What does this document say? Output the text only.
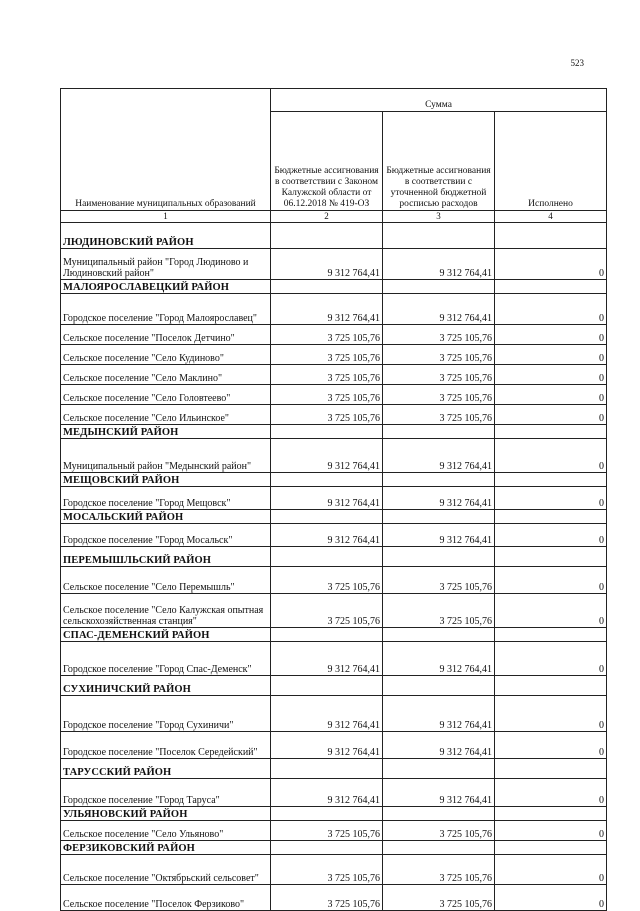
523
Наименование муниципальных образований	Сумма		
	Бюджетные ассигнования в соответствии с Законом Калужской области от 06.12.2018 № 419-ОЗ	Бюджетные ассигнования в соответствии с уточненной бюджетной росписью расходов	Исполнено
1	2	3	4
ЛЮДИНОВСКИЙ РАЙОН			
Муниципальный район "Город Людиново и Людиновский район"	9 312 764,41	9 312 764,41	0
МАЛОЯРОСЛАВЕЦКИЙ РАЙОН			
Городское поселение "Город Малоярославец"	9 312 764,41	9 312 764,41	0
Сельское поселение "Поселок Детчино"	3 725 105,76	3 725 105,76	0
Сельское поселение "Село Кудиново"	3 725 105,76	3 725 105,76	0
Сельское поселение "Село Маклино"	3 725 105,76	3 725 105,76	0
Сельское поселение "Село Головтеево"	3 725 105,76	3 725 105,76	0
Сельское поселение "Село Ильинское"	3 725 105,76	3 725 105,76	0
МЕДЫНСКИЙ РАЙОН			
Муниципальный район "Медынский район"	9 312 764,41	9 312 764,41	0
МЕЩОВСКИЙ РАЙОН			
Городское поселение "Город Мещовск"	9 312 764,41	9 312 764,41	0
МОСАЛЬСКИЙ РАЙОН			
Городское поселение "Город Мосальск"	9 312 764,41	9 312 764,41	0
ПЕРЕМЫШЛЬСКИЙ РАЙОН			
Сельское поселение "Село Перемышль"	3 725 105,76	3 725 105,76	0
Сельское поселение "Село Калужская опытная сельскохозяйственная станция"	3 725 105,76	3 725 105,76	0
СПАС-ДЕМЕНСКИЙ РАЙОН			
Городское поселение "Город Спас-Деменск"	9 312 764,41	9 312 764,41	0
СУХИНИЧСКИЙ РАЙОН			
Городское поселение "Город Сухиничи"	9 312 764,41	9 312 764,41	0
Городское поселение "Поселок Середейский"	9 312 764,41	9 312 764,41	0
ТАРУССКИЙ РАЙОН			
Городское поселение "Город Таруса"	9 312 764,41	9 312 764,41	0
УЛЬЯНОВСКИЙ РАЙОН			
Сельское поселение "Село Ульяново"	3 725 105,76	3 725 105,76	0
ФЕРЗИКОВСКИЙ РАЙОН			
Сельское поселение "Октябрьский сельсовет"	3 725 105,76	3 725 105,76	0
Сельское поселение "Поселок Ферзиково"	3 725 105,76	3 725 105,76	0
